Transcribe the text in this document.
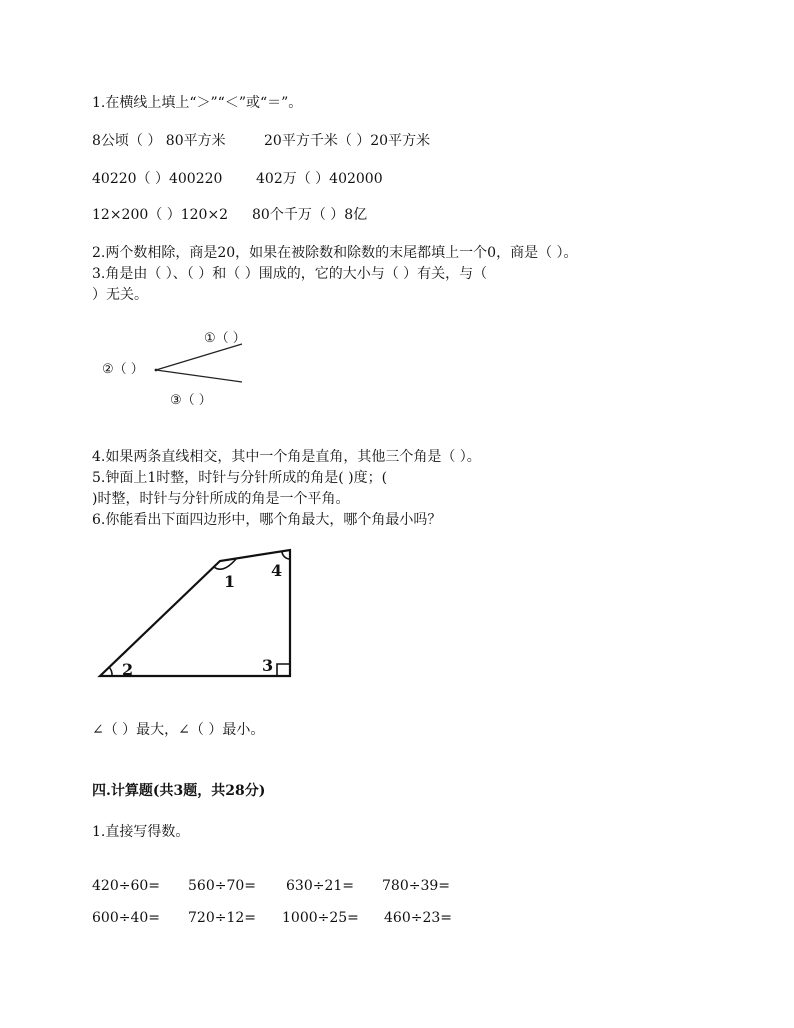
1.在横线上填上“＞”“＜”或“＝”。
8公顷（ ） 80平方米	20平方千米（ ）20平方米
40220（ ）400220 402万（ ）402000
12×200（ ）120×2 80个千万（ ）8亿
2.两个数相除，商是20，如果在被除数和除数的末尾都填上一个0，商是（ ）。
3.角是由（ ）、（ ）和（ ）围成的，它的大小与（ ）有关，与（
）无关。
①（ ）
②（ ）
③（ ）
4.如果两条直线相交，其中一个角是直角，其他三个角是（ ）。
5.钟面上1时整，时针与分针所成的角是( )度；(
)时整，时针与分针所成的角是一个平角。
6.你能看出下面四边形中，哪个角最大，哪个角最小吗？
1
2	3
4
∠（ ）最大，∠（ ）最小。
四.计算题(共3题，共28分)
1.直接写得数。
420÷60= 560÷70= 630÷21= 780÷39=
600÷40= 720÷12= 1000÷25= 460÷23=
